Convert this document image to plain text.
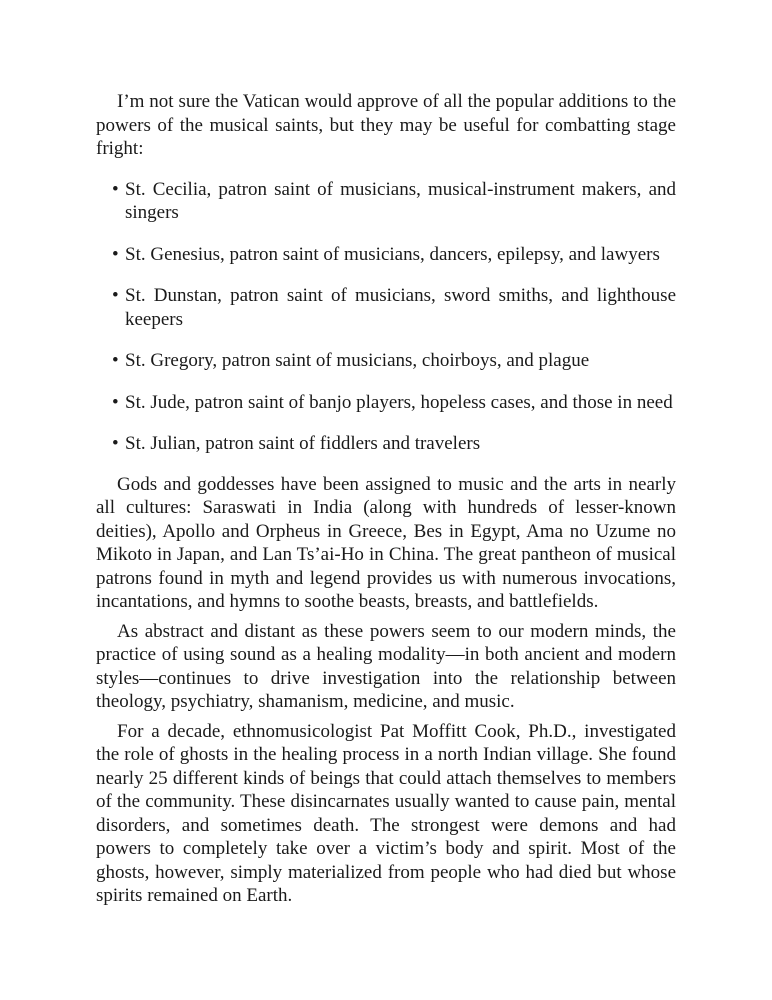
I’m not sure the Vatican would approve of all the popular additions to the powers of the musical saints, but they may be useful for combatting stage fright:

• St. Cecilia, patron saint of musicians, musical-instrument makers, and singers
• St. Genesius, patron saint of musicians, dancers, epilepsy, and lawyers
• St. Dunstan, patron saint of musicians, sword smiths, and lighthouse keepers
• St. Gregory, patron saint of musicians, choirboys, and plague
• St. Jude, patron saint of banjo players, hopeless cases, and those in need
• St. Julian, patron saint of fiddlers and travelers

Gods and goddesses have been assigned to music and the arts in nearly all cultures: Saraswati in India (along with hundreds of lesser-known deities), Apollo and Orpheus in Greece, Bes in Egypt, Ama no Uzume no Mikoto in Japan, and Lan Ts’ai-Ho in China. The great pantheon of musical patrons found in myth and legend provides us with numerous invocations, incantations, and hymns to soothe beasts, breasts, and battlefields.

As abstract and distant as these powers seem to our modern minds, the practice of using sound as a healing modality—in both ancient and modern styles—continues to drive investigation into the relationship between theology, psychiatry, shamanism, medicine, and music.

For a decade, ethnomusicologist Pat Moffitt Cook, Ph.D., investigated the role of ghosts in the healing process in a north Indian village. She found nearly 25 different kinds of beings that could attach themselves to members of the community. These disincarnates usually wanted to cause pain, mental disorders, and sometimes death. The strongest were demons and had powers to completely take over a victim’s body and spirit. Most of the ghosts, however, simply materialized from people who had died but whose spirits remained on Earth.
